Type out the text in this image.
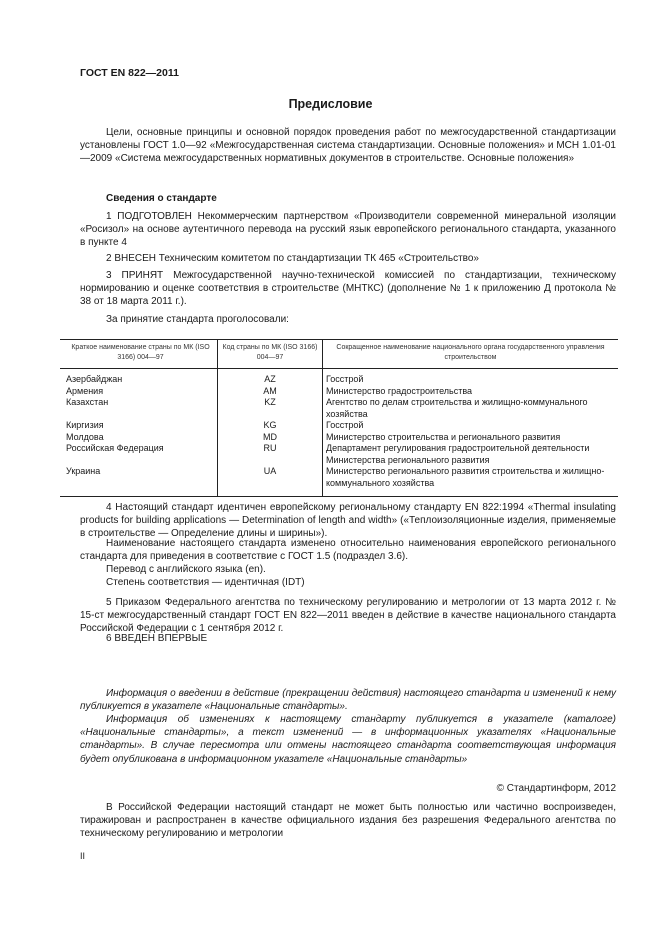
ГОСТ EN 822—2011
Предисловие

Цели, основные принципы и основной порядок проведения работ по межгосударственной стандартизации установлены ГОСТ 1.0—92 «Межгосударственная система стандартизации. Основные положения» и МСН 1.01-01—2009 «Система межгосударственных нормативных документов в строительстве. Основные положения»

Сведения о стандарте

1 ПОДГОТОВЛЕН Некоммерческим партнерством «Производители современной минеральной изоляции «Росизол» на основе аутентичного перевода на русский язык европейского регионального стандарта, указанного в пункте 4

2 ВНЕСЕН Техническим комитетом по стандартизации ТК 465 «Строительство»

3 ПРИНЯТ Межгосударственной научно-технической комиссией по стандартизации, техническому нормированию и оценке соответствия в строительстве (МНТКС) (дополнение № 1 к приложению Д протокола № 38 от 18 марта 2011 г.).

За принятие стандарта проголосовали:

Краткое наименование страны по МК (ISO 3166) 004—97	Код страны по МК (ISO 3166) 004—97	Сокращенное наименование национального органа государственного управления строительством
Азербайджан	AZ	Госстрой
Армения	AM	Министерство градостроительства
Казахстан	KZ	Агентство по делам строительства и жилищно-коммунального хозяйства
Киргизия	KG	Госстрой
Молдова	MD	Министерство строительства и регионального развития
Российская Федерация	RU	Департамент регулирования градостроительной деятельности Министерства регионального развития
Украина	UA	Министерство регионального развития строительства и жилищно-коммунального хозяйства

4 Настоящий стандарт идентичен европейскому региональному стандарту EN 822:1994 «Thermal insulating products for building applications — Determination of length and width» («Теплоизоляционные изделия, применяемые в строительстве — Определение длины и ширины»).

Наименование настоящего стандарта изменено относительно наименования европейского регионального стандарта для приведения в соответствие с ГОСТ 1.5 (подраздел 3.6).

Перевод с английского языка (en).

Степень соответствия — идентичная (IDT)

5 Приказом Федерального агентства по техническому регулированию и метрологии от 13 марта 2012 г. № 15-ст межгосударственный стандарт ГОСТ EN 822—2011 введен в действие в качестве национального стандарта Российской Федерации с 1 сентября 2012 г.

6 ВВЕДЕН ВПЕРВЫЕ

Информация о введении в действие (прекращении действия) настоящего стандарта и изменений к нему публикуется в указателе «Национальные стандарты».

Информация об изменениях к настоящему стандарту публикуется в указателе (каталоге) «Национальные стандарты», а текст изменений — в информационных указателях «Национальные стандарты». В случае пересмотра или отмены настоящего стандарта соответствующая информация будет опубликована в информационном указателе «Национальные стандарты»

© Стандартинформ, 2012

В Российской Федерации настоящий стандарт не может быть полностью или частично воспроизведен, тиражирован и распространен в качестве официального издания без разрешения Федерального агентства по техническому регулированию и метрологии

II
